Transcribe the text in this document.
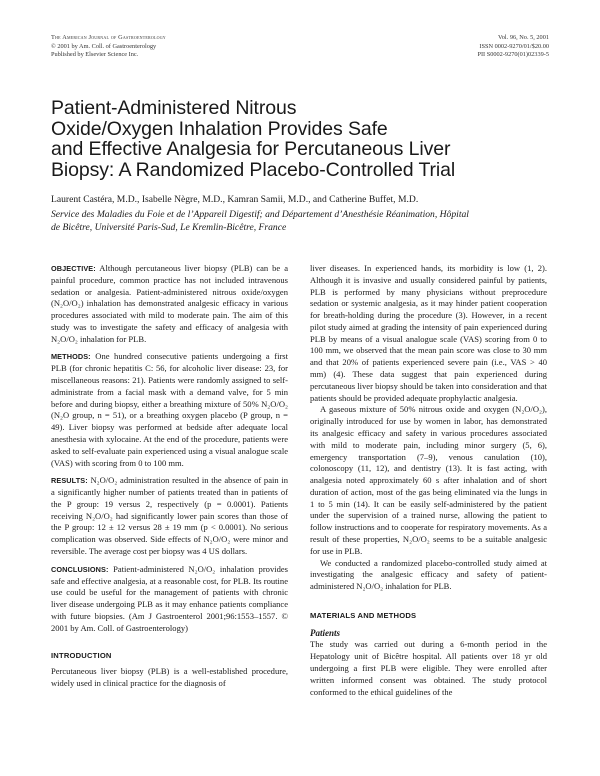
The American Journal of Gastroenterology
© 2001 by Am. Coll. of Gastroenterology
Published by Elsevier Science Inc.
Vol. 96, No. 5, 2001
ISSN 0002-9270/01/$20.00
PII S0002-9270(01)02339-5
Patient-Administered Nitrous
Oxide/Oxygen Inhalation Provides Safe
and Effective Analgesia for Percutaneous Liver
Biopsy: A Randomized Placebo-Controlled Trial
Laurent Castéra, M.D., Isabelle Nègre, M.D., Kamran Samii, M.D., and Catherine Buffet, M.D.
Service des Maladies du Foie et de l’Appareil Digestif; and Département d’Anesthésie Réanimation, Hôpital
de Bicêtre, Université Paris-Sud, Le Kremlin-Bicêtre, France

OBJECTIVE: Although percutaneous liver biopsy (PLB) can be a painful procedure, common practice has not included intravenous sedation or analgesia. Patient-administered nitrous oxide/oxygen (N₂O/O₂) inhalation has demonstrated analgesic efficacy in various procedures associated with mild to moderate pain. The aim of this study was to investigate the safety and efficacy of analgesia with N₂O/O₂ inhalation for PLB.

METHODS: One hundred consecutive patients undergoing a first PLB (for chronic hepatitis C: 56, for alcoholic liver disease: 23, for miscellaneous reasons: 21). Patients were randomly assigned to self-administrate from a facial mask with a demand valve, for 5 min before and during biopsy, either a breathing mixture of 50% N₂O/O₂ (N₂O group, n = 51), or a breathing oxygen placebo (P group, n = 49). Liver biopsy was performed at bedside after adequate local anesthesia with xylocaine. At the end of the procedure, patients were asked to self-evaluate pain experienced using a visual analogue scale (VAS) with scoring from 0 to 100 mm.

RESULTS: N₂O/O₂ administration resulted in the absence of pain in a significantly higher number of patients treated than in patients of the P group: 19 versus 2, respectively (p = 0.0001). Patients receiving N₂O/O₂ had significantly lower pain scores than those of the P group: 12 ± 12 versus 28 ± 19 mm (p < 0.0001). No serious complication was observed. Side effects of N₂O/O₂ were minor and reversible. The average cost per biopsy was 4 US dollars.

CONCLUSIONS: Patient-administered N₂O/O₂ inhalation provides safe and effective analgesia, at a reasonable cost, for PLB. Its routine use could be useful for the management of patients with chronic liver disease undergoing PLB as it may enhance patients compliance with future biopsies. (Am J Gastroenterol 2001;96:1553–1557. © 2001 by Am. Coll. of Gastroenterology)

INTRODUCTION

Percutaneous liver biopsy (PLB) is a well-established procedure, widely used in clinical practice for the diagnosis of

liver diseases. In experienced hands, its morbidity is low (1, 2). Although it is invasive and usually considered painful by patients, PLB is performed by many physicians without preprocedure sedation or systemic analgesia, as it may hinder patient cooperation for breath-holding during the procedure (3). However, in a recent pilot study aimed at grading the intensity of pain experienced during PLB by means of a visual analogue scale (VAS) scoring from 0 to 100 mm, we observed that the mean pain score was close to 30 mm and that 20% of patients experienced severe pain (i.e., VAS > 40 mm) (4). These data suggest that pain experienced during percutaneous liver biopsy should be taken into consideration and that patients should be provided adequate prophylactic analgesia.

A gaseous mixture of 50% nitrous oxide and oxygen (N₂O/O₂), originally introduced for use by women in labor, has demonstrated its analgesic efficacy and safety in various procedures associated with mild to moderate pain, including minor surgery (5, 6), emergency transportation (7–9), venous canulation (10), colonoscopy (11, 12), and dentistry (13). It is fast acting, with analgesia noted approximately 60 s after inhalation and of short duration of action, most of the gas being eliminated via the lungs in 1 to 5 min (14). It can be easily self-administered by the patient under the supervision of a trained nurse, allowing the patient to follow instructions and to cooperate for respiratory movements. As a result of these properties, N₂O/O₂ seems to be a suitable analgesic for use in PLB.

We conducted a randomized placebo-controlled study aimed at investigating the analgesic efficacy and safety of patient-administered N₂O/O₂ inhalation for PLB.

MATERIALS AND METHODS
Patients

The study was carried out during a 6-month period in the Hepatology unit of Bicêtre hospital. All patients over 18 yr old undergoing a first PLB were eligible. They were enrolled after written informed consent was obtained. The study protocol conformed to the ethical guidelines of the
